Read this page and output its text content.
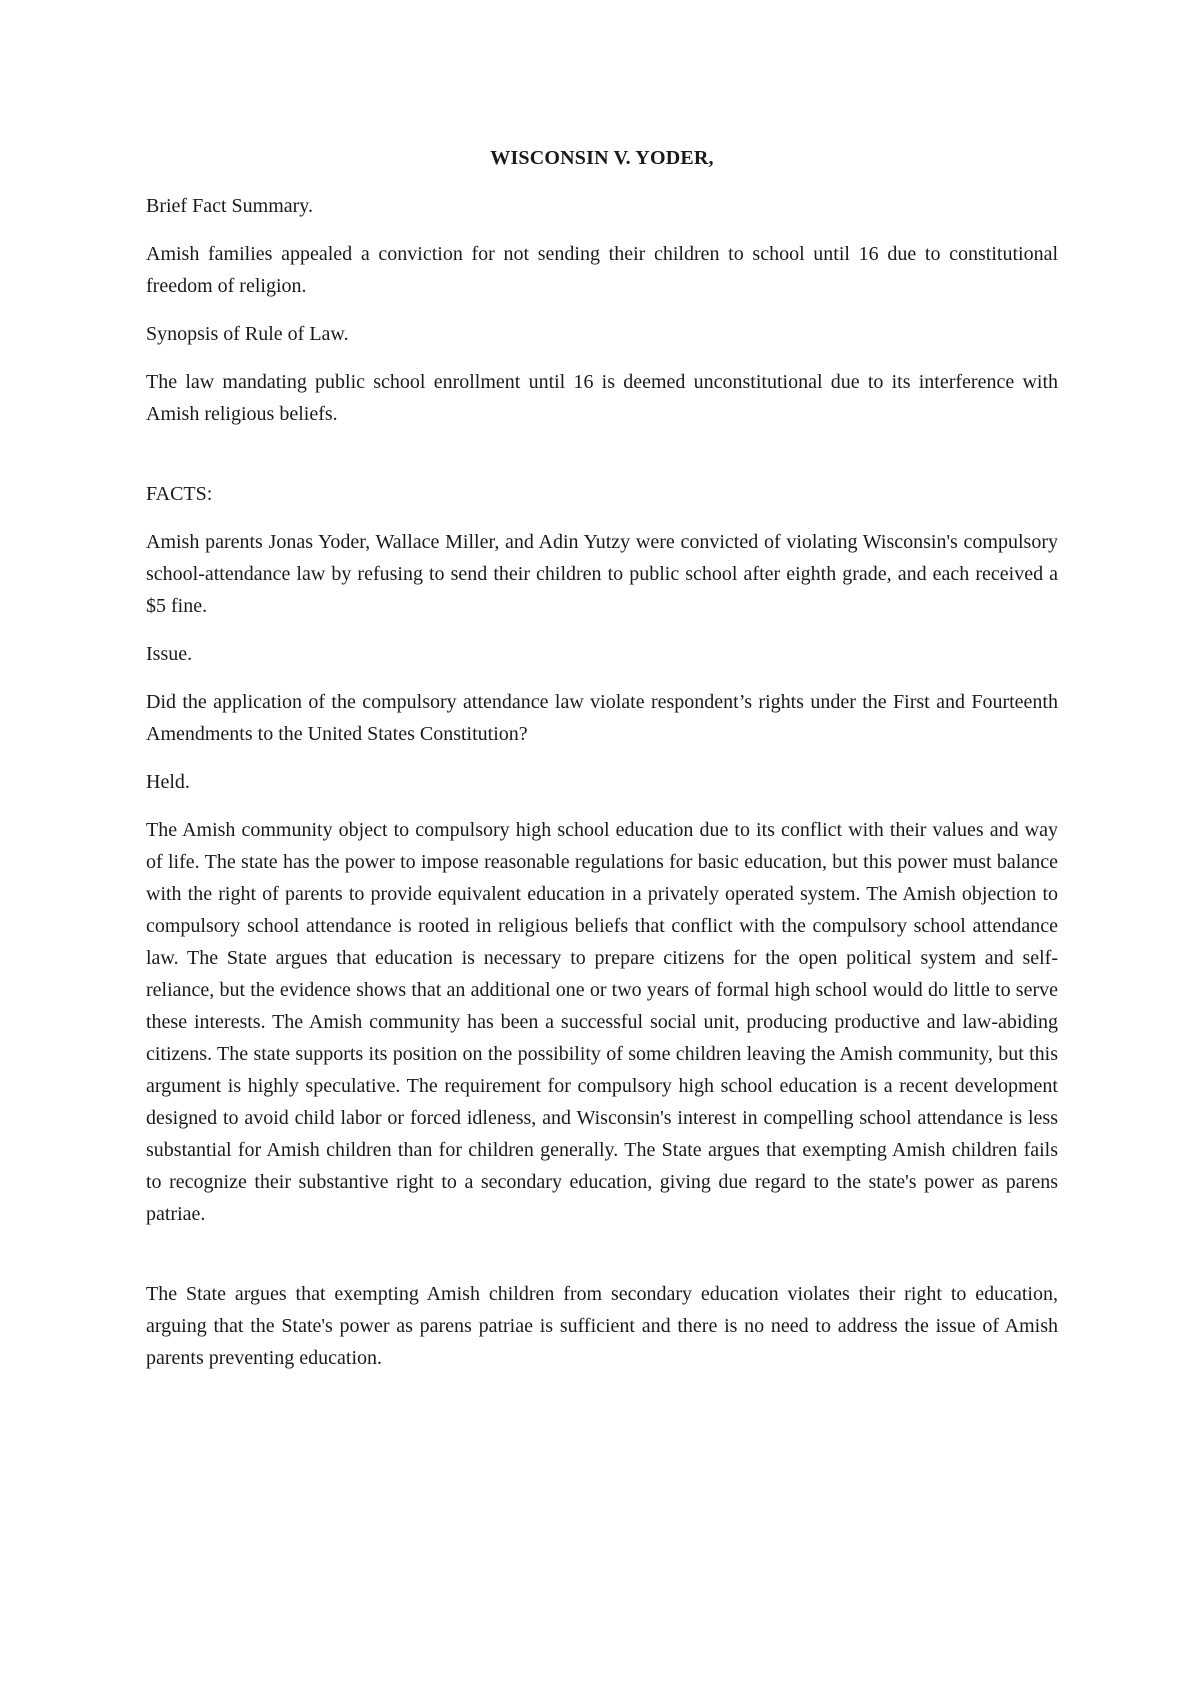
WISCONSIN V. YODER,

Brief Fact Summary.

Amish families appealed a conviction for not sending their children to school until 16 due to constitutional freedom of religion.

Synopsis of Rule of Law.

The law mandating public school enrollment until 16 is deemed unconstitutional due to its interference with Amish religious beliefs.

FACTS:

Amish parents Jonas Yoder, Wallace Miller, and Adin Yutzy were convicted of violating Wisconsin's compulsory school-attendance law by refusing to send their children to public school after eighth grade, and each received a $5 fine.

Issue.

Did the application of the compulsory attendance law violate respondent’s rights under the First and Fourteenth Amendments to the United States Constitution?

Held.

The Amish community object to compulsory high school education due to its conflict with their values and way of life. The state has the power to impose reasonable regulations for basic education, but this power must balance with the right of parents to provide equivalent education in a privately operated system. The Amish objection to compulsory school attendance is rooted in religious beliefs that conflict with the compulsory school attendance law. The State argues that education is necessary to prepare citizens for the open political system and self-reliance, but the evidence shows that an additional one or two years of formal high school would do little to serve these interests. The Amish community has been a successful social unit, producing productive and law-abiding citizens. The state supports its position on the possibility of some children leaving the Amish community, but this argument is highly speculative. The requirement for compulsory high school education is a recent development designed to avoid child labor or forced idleness, and Wisconsin's interest in compelling school attendance is less substantial for Amish children than for children generally. The State argues that exempting Amish children fails to recognize their substantive right to a secondary education, giving due regard to the state's power as parens patriae.

The State argues that exempting Amish children from secondary education violates their right to education, arguing that the State's power as parens patriae is sufficient and there is no need to address the issue of Amish parents preventing education.
